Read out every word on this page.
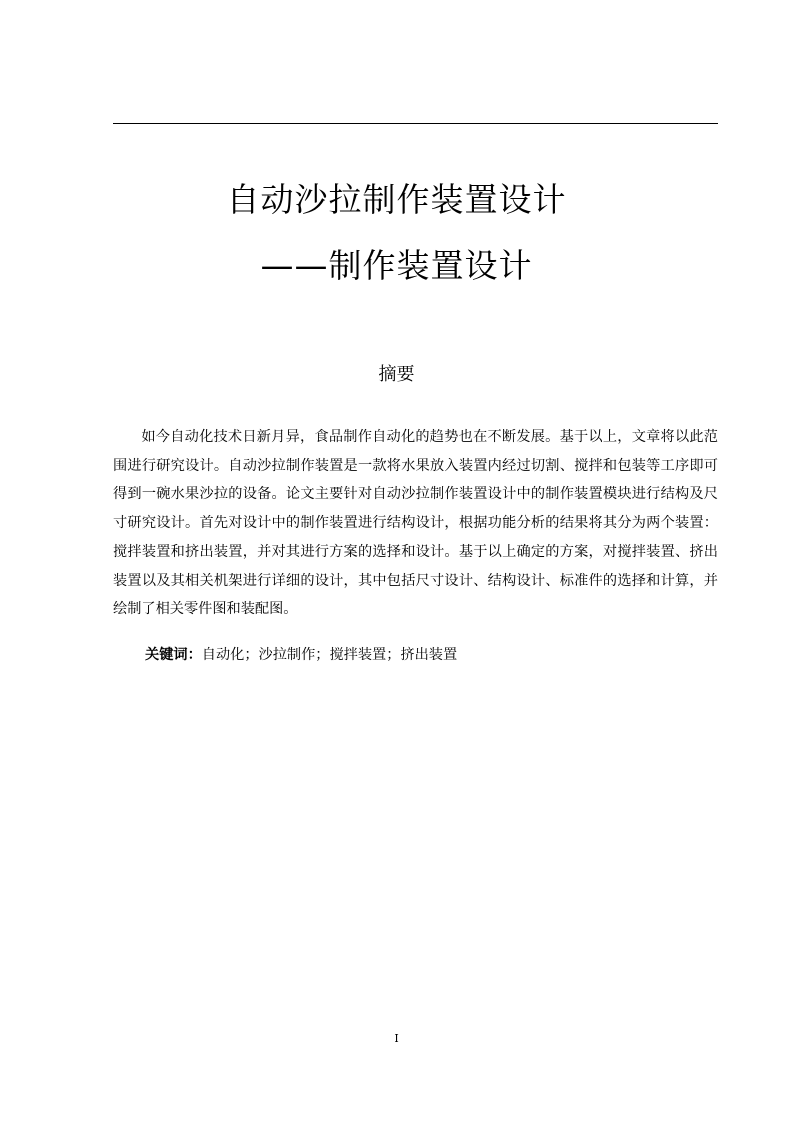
自动沙拉制作装置设计
——制作装置设计
摘要

如今自动化技术日新月异，食品制作自动化的趋势也在不断发展。基于以上，文章将以此范围进行研究设计。自动沙拉制作装置是一款将水果放入装置内经过切割、搅拌和包装等工序即可得到一碗水果沙拉的设备。论文主要针对自动沙拉制作装置设计中的制作装置模块进行结构及尺寸研究设计。首先对设计中的制作装置进行结构设计，根据功能分析的结果将其分为两个装置：搅拌装置和挤出装置，并对其进行方案的选择和设计。基于以上确定的方案，对搅拌装置、挤出装置以及其相关机架进行详细的设计，其中包括尺寸设计、结构设计、标准件的选择和计算，并绘制了相关零件图和装配图。

关键词：自动化；沙拉制作；搅拌装置；挤出装置
I
